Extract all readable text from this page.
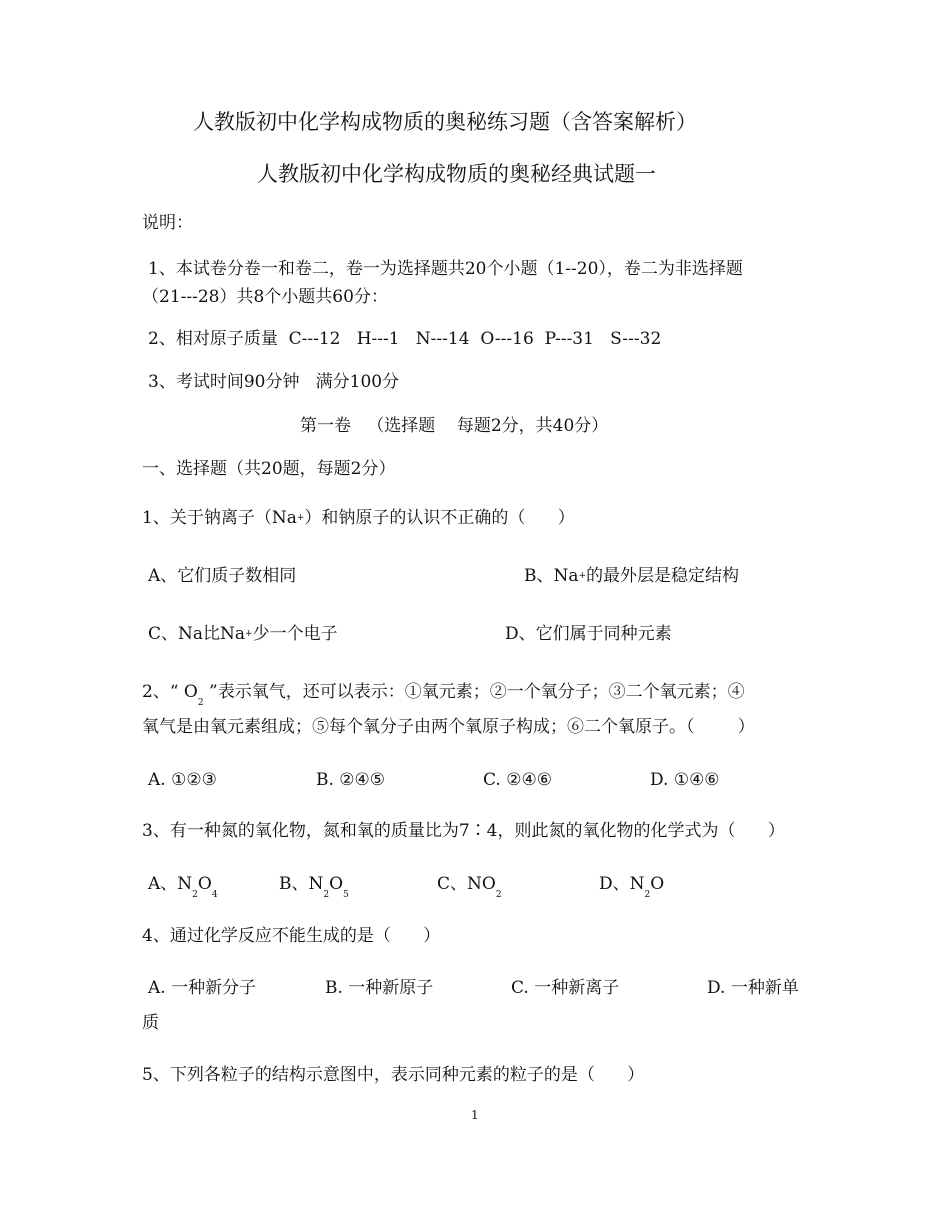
人教版初中化学构成物质的奥秘练习题（含答案解析）
人教版初中化学构成物质的奥秘经典试题一
说明：
1、本试卷分卷一和卷二，卷一为选择题共20个小题（1--20），卷二为非选择题
（21---28）共8个小题共60分：
2、相对原子质量  C---12   H---1   N---14  O---16  P---31   S---32
3、考试时间90分钟   满分100分
第一卷   （选择题    每题2分，共40分）
一、选择题（共20题，每题2分）
1、关于钠离子（Na+）和钠原子的认识不正确的（      ）
A、它们质子数相同	B、Na+的最外层是稳定结构
C、Na比Na+少一个电子	D、它们属于同种元素
2、“ $O_2$ ”表示氧气，还可以表示：①氧元素；②一个氧分子；③二个氧元素；④
氧气是由氧元素组成；⑤每个氧分子由两个氧原子构成；⑥二个氧原子。（        ）
A. ①②③	B. ②④⑤	C. ②④⑥	D. ①④⑥
3、有一种氮的氧化物，氮和氧的质量比为7∶4，则此氮的氧化物的化学式为（      ）
A、$N_2O_4$
B、$N_2O_5$
C、$NO_2$
D、$N_2O$
4、通过化学反应不能生成的是（      ）
A. 一种新分子	B. 一种新原子	C. 一种新离子	D. 一种新单
质
5、下列各粒子的结构示意图中，表示同种元素的粒子的是（      ）
1
